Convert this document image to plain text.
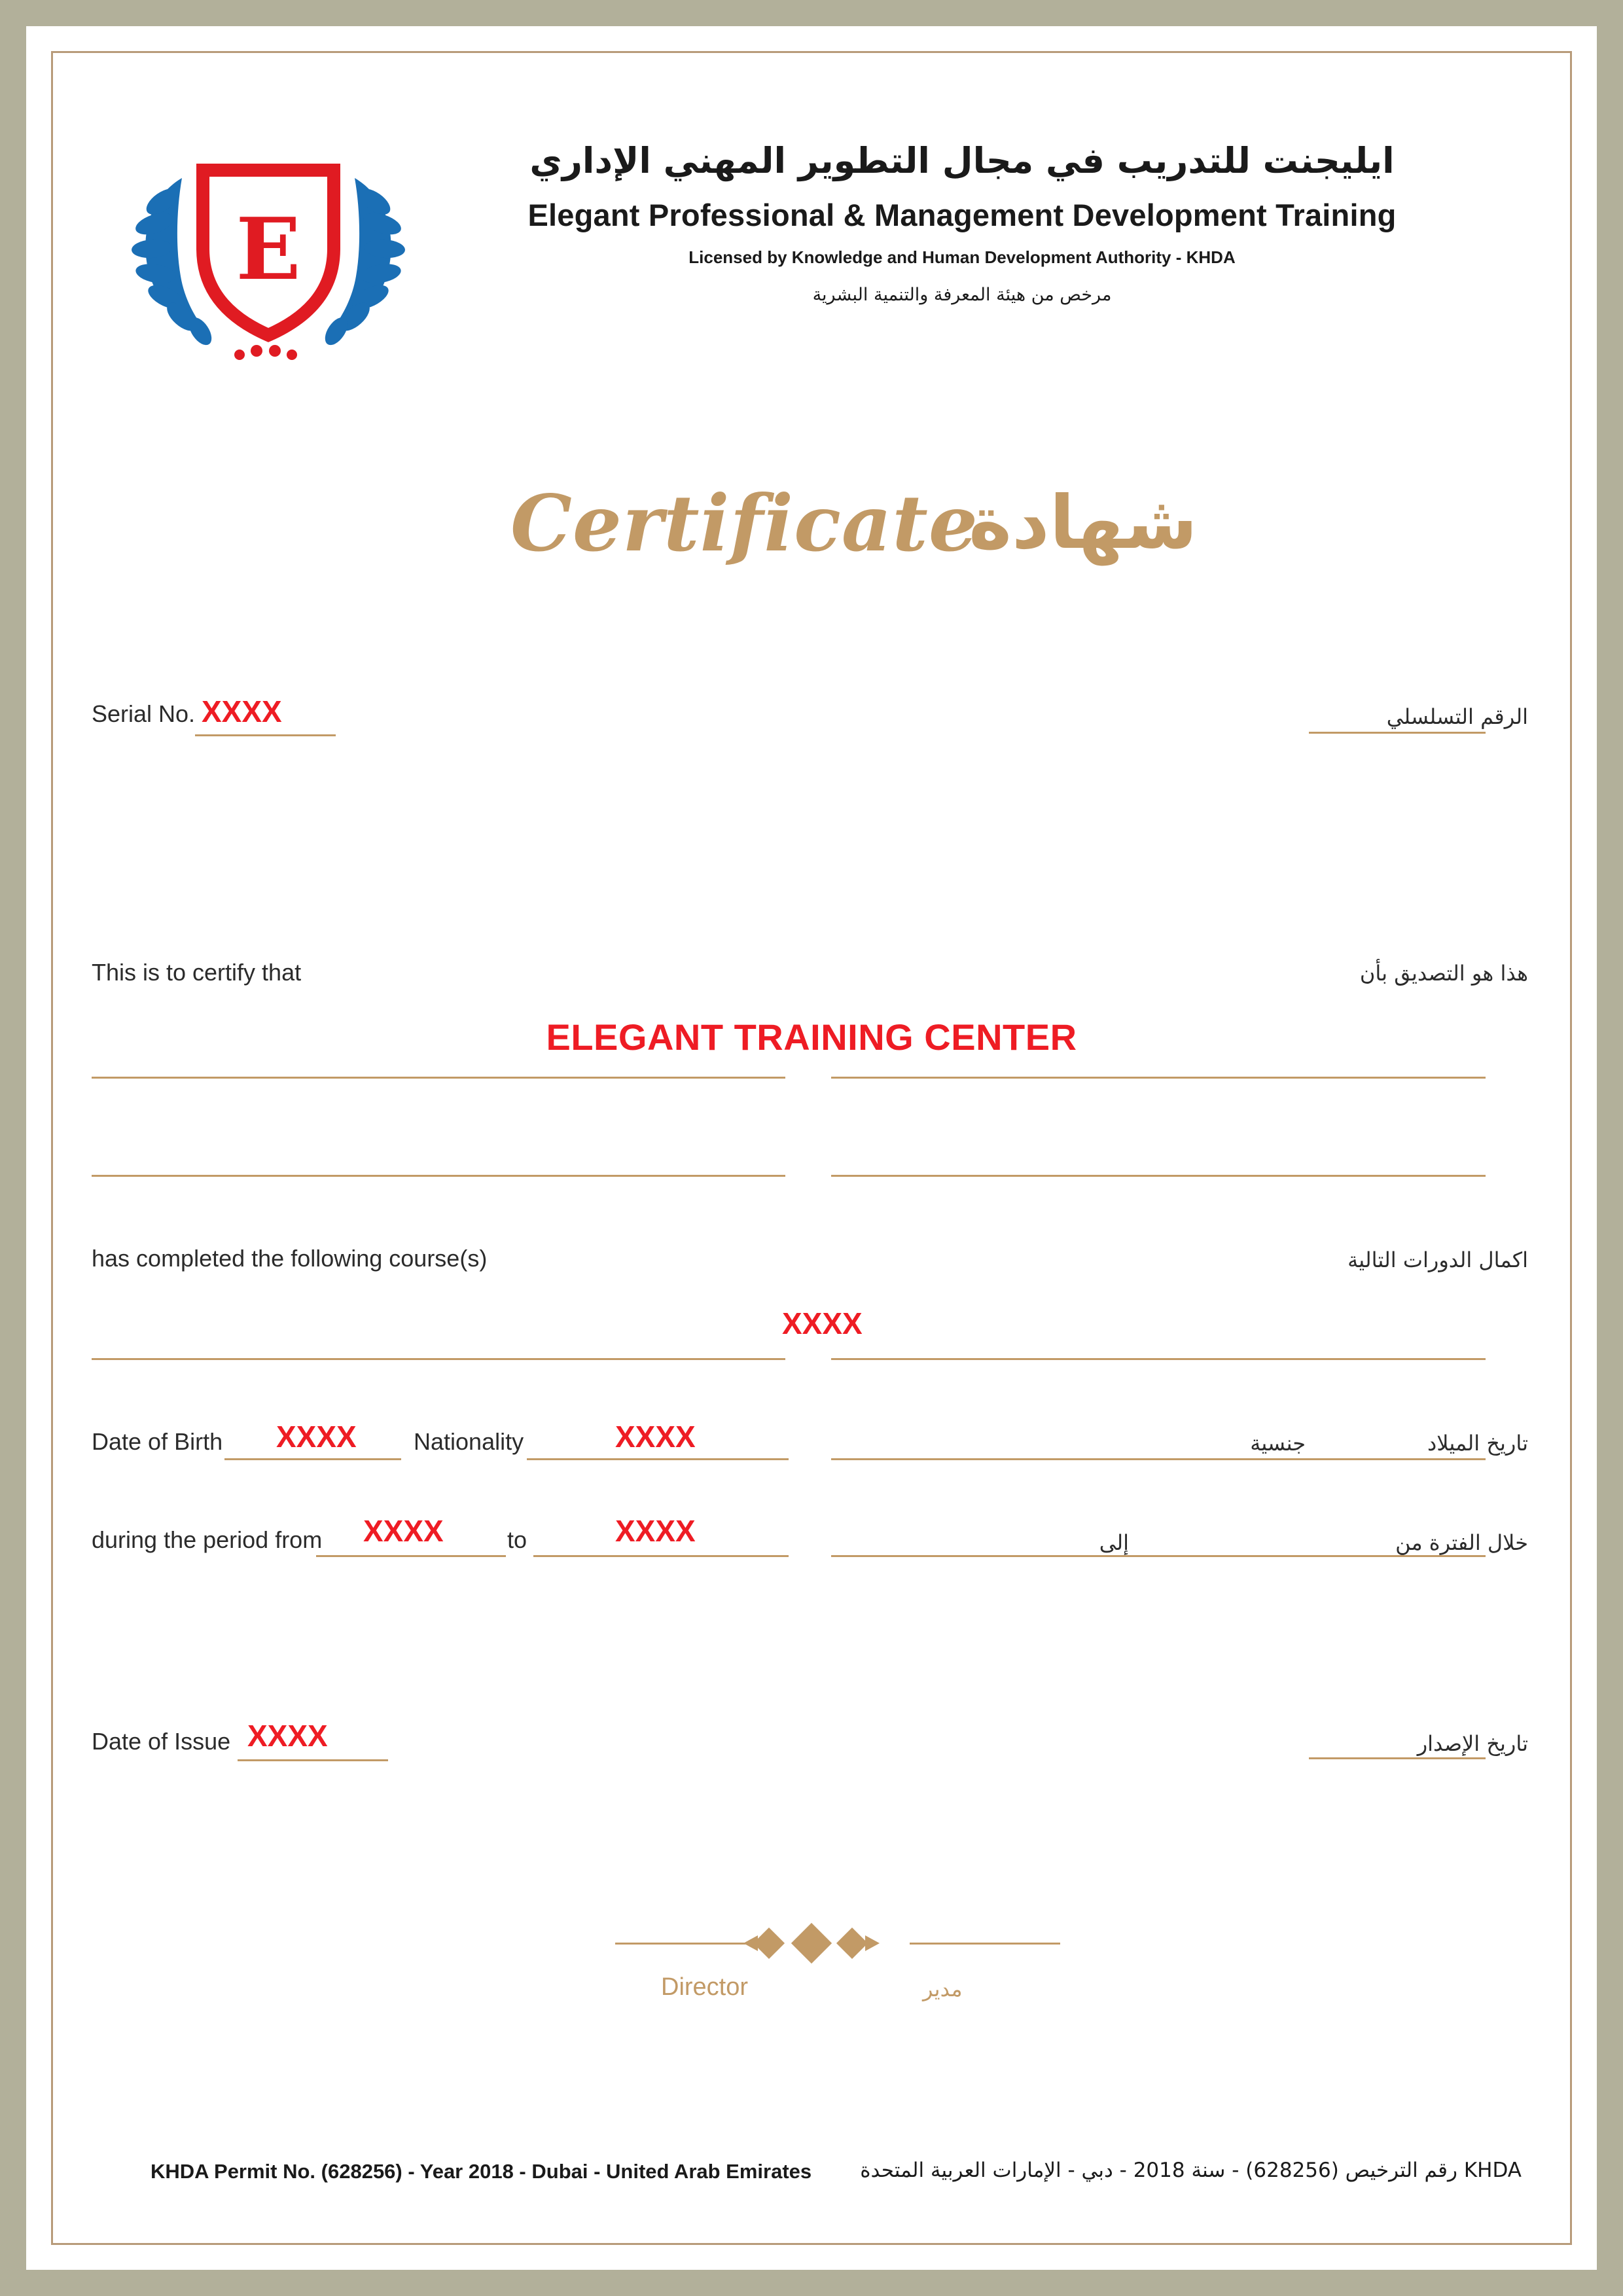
E
ايليجنت للتدريب في مجال التطوير المهني الإداري
Elegant Professional & Management Development Training
Licensed by Knowledge and Human Development Authority - KHDA
مرخص من هيئة المعرفة والتنمية البشرية
Certificate
شهادة
Serial No. XXXX	الرقم التسلسلي
This is to certify that	هذا هو التصديق بأن
ELEGANT TRAINING CENTER
has completed the following course(s)	اكمال الدورات التالية
XXXX
Date of Birth XXXX Nationality	XXXX	جنسية	تاريخ الميلاد
during the period from XXXX	to	XXXX	إلى	خلال الفترة من
Date of Issue XXXX	تاريخ الإصدار
Director	مدير
KHDA Permit No. (628256) - Year 2018 - Dubai - United Arab Emirates KHDA رقم الترخيص (628256) - سنة 2018 - دبي - الإمارات العربية المتحدة
